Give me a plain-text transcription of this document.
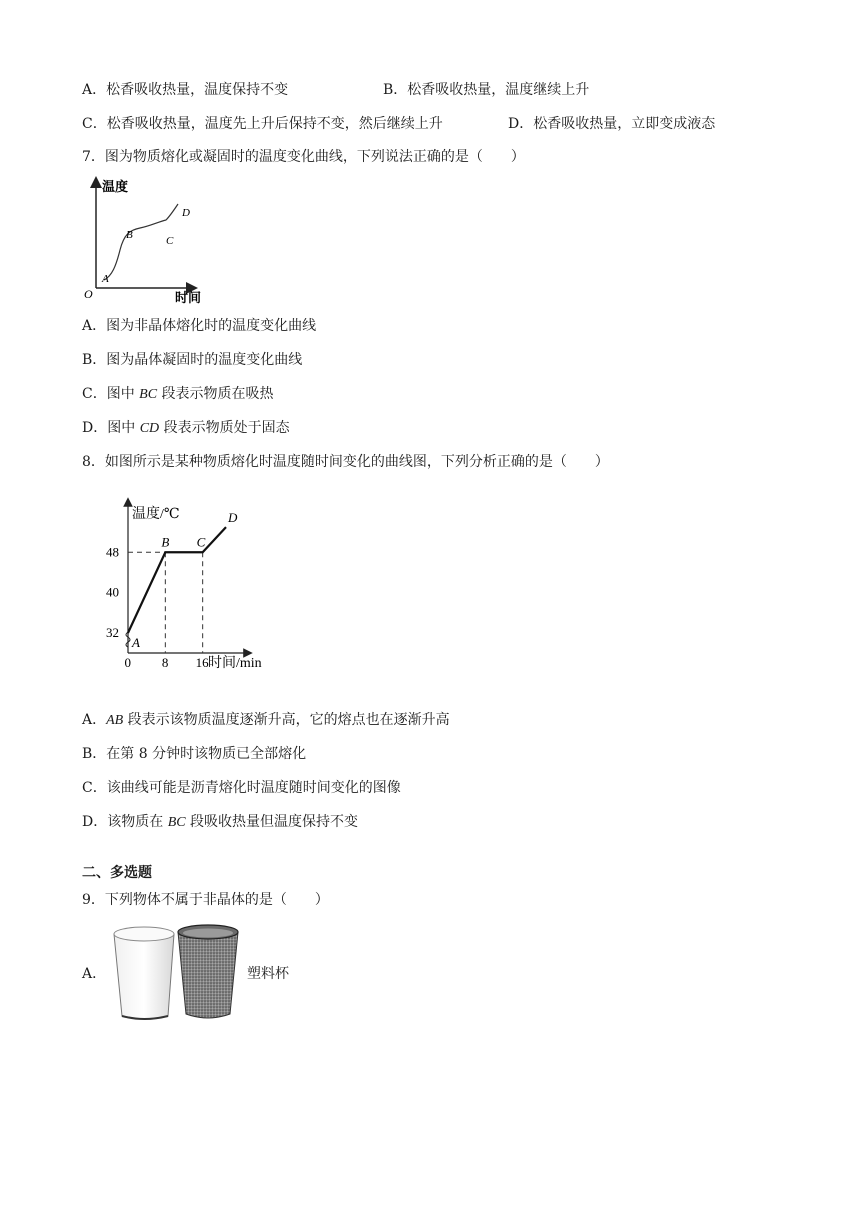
A．松香吸收热量，温度保持不变	B．松香吸收热量，温度继续上升
C．松香吸收热量，温度先上升后保持不变，然后继续上升	D．松香吸收热量，立即变成液态
7．图为物质熔化或凝固时的温度变化曲线，下列说法正确的是（　　）
温度
时间
O
A
B	C
D
A．图为非晶体熔化时的温度变化曲线
B．图为晶体凝固时的温度变化曲线
C．图中 BC 段表示物质在吸热
D．图中 CD 段表示物质处于固态
8．如图所示是某种物质熔化时温度随时间变化的曲线图，下列分析正确的是（　　）
温度/℃
时间/min
A
B C
D
0 8 16
32
40
48
A．AB 段表示该物质温度逐渐升高，它的熔点也在逐渐升高
B．在第 8 分钟时该物质已全部熔化
C．该曲线可能是沥青熔化时温度随时间变化的图像
D．该物质在 BC 段吸收热量但温度保持不变
二、多选题
9．下列物体不属于非晶体的是（　　）
A．	塑料杯
